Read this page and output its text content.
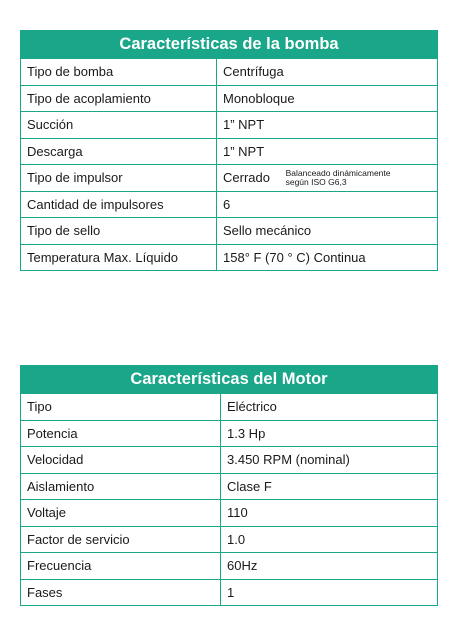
Características de la bomba	
Tipo de bomba	Centrífuga
Tipo de acoplamiento	Monobloque
Succión	1” NPT
Descarga	1” NPT
Tipo de impulsor	Cerrado Balanceado dinámicamente
según ISO G6,3

Cantidad de impulsores	6
Tipo de sello	Sello mecánico
Temperatura Max. Líquido	158° F (70 ° C) Continua
Características del Motor	
Tipo	Eléctrico
Potencia	1.3 Hp
Velocidad	3.450 RPM (nominal)
Aislamiento	Clase F
Voltaje	110
Factor de servicio	1.0
Frecuencia	60Hz
Fases	1
